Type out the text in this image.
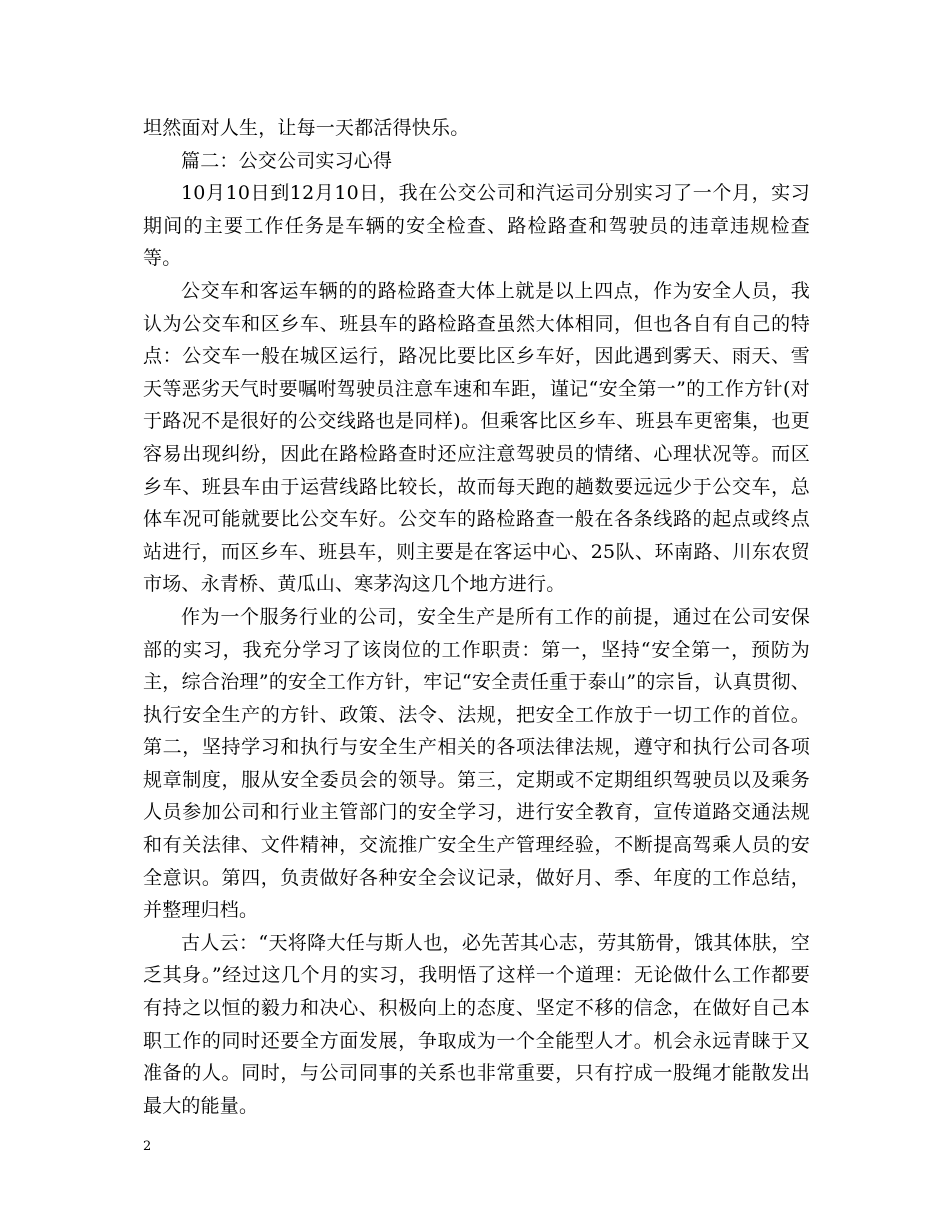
坦然面对人生，让每一天都活得快乐。

篇二：公交公司实习心得

10月10日到12月10日，我在公交公司和汽运司分别实习了一个月，实习期间的主要工作任务是车辆的安全检查、路检路查和驾驶员的违章违规检查等。

公交车和客运车辆的的路检路查大体上就是以上四点，作为安全人员，我认为公交车和区乡车、班县车的路检路查虽然大体相同，但也各自有自己的特点：公交车一般在城区运行，路况比要比区乡车好，因此遇到雾天、雨天、雪天等恶劣天气时要嘱咐驾驶员注意车速和车距，谨记“安全第一”的工作方针(对于路况不是很好的公交线路也是同样)。但乘客比区乡车、班县车更密集，也更容易出现纠纷，因此在路检路查时还应注意驾驶员的情绪、心理状况等。而区乡车、班县车由于运营线路比较长，故而每天跑的趟数要远远少于公交车，总体车况可能就要比公交车好。公交车的路检路查一般在各条线路的起点或终点站进行，而区乡车、班县车，则主要是在客运中心、25队、环南路、川东农贸市场、永青桥、黄瓜山、寒茅沟这几个地方进行。

作为一个服务行业的公司，安全生产是所有工作的前提，通过在公司安保部的实习，我充分学习了该岗位的工作职责：第一，坚持“安全第一，预防为主，综合治理”的安全工作方针，牢记“安全责任重于泰山”的宗旨，认真贯彻、执行安全生产的方针、政策、法令、法规，把安全工作放于一切工作的首位。第二，坚持学习和执行与安全生产相关的各项法律法规，遵守和执行公司各项规章制度，服从安全委员会的领导。第三，定期或不定期组织驾驶员以及乘务人员参加公司和行业主管部门的安全学习，进行安全教育，宣传道路交通法规和有关法律、文件精神，交流推广安全生产管理经验，不断提高驾乘人员的安全意识。第四，负责做好各种安全会议记录，做好月、季、年度的工作总结，并整理归档。

古人云：“天将降大任与斯人也，必先苦其心志，劳其筋骨，饿其体肤，空乏其身。”经过这几个月的实习，我明悟了这样一个道理：无论做什么工作都要有持之以恒的毅力和决心、积极向上的态度、坚定不移的信念，在做好自己本职工作的同时还要全方面发展，争取成为一个全能型人才。机会永远青睐于又准备的人。同时，与公司同事的关系也非常重要，只有拧成一股绳才能散发出最大的能量。

2
